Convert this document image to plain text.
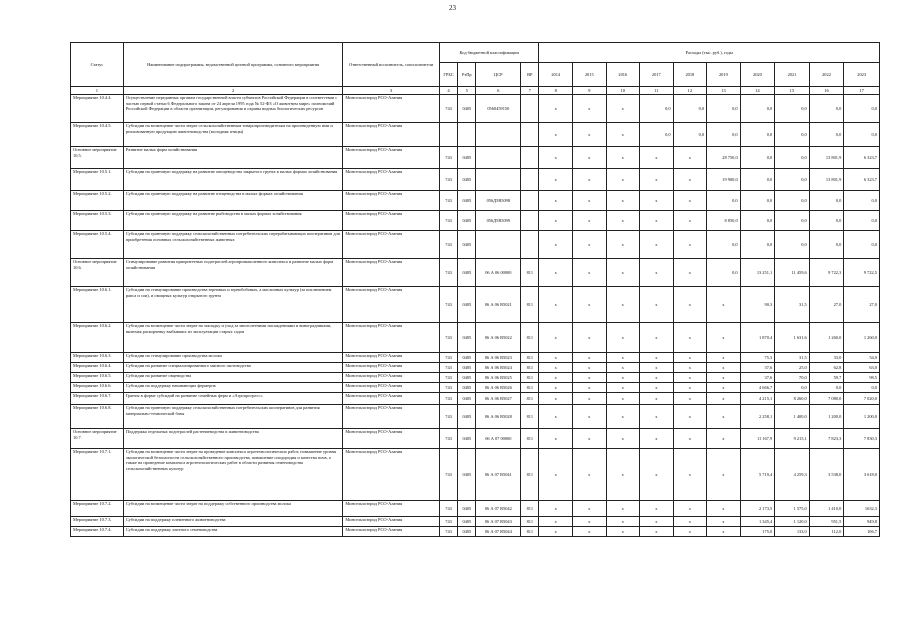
23
Статус	Наименование подпрограммы, ведомственной целевой программы, основного мероприятия	Ответственный исполнитель, соисполнители	Код бюджетной классификации				Расходы (тыс. руб.), годы									
			ГРБС	РзПр	ЦСР	ВР	2014	2015	2016	2017	2018	2019	2020	2021	2022	2023
1	2	3	4	5	6	7	8	9	10	11	12	13	14	15	16	17
Мероприятие 10.4.4.	Осуществление переданных органам государственной власти субъектов Российской Федерации в соответствии с частью первой статьи 6 Федерального закона от 24 апреля 1995 года № 52-ФЗ «О животном мире» полномочий Российской Федерации в области организации, регулирования и охраны водных биологических ресурсов	Минсельхозпрод РСО-Алания	743	0405	0560459150		х	х	х	0,0	0,0	0,0	0,0	0,0	0,0	0,0
Мероприятие 10.4.5.	Субсидии на возмещение части затрат сельскохозяйственным товаропроизводителям на произведенную ими и реализованную продукцию животноводства (молодняк птицы)	Минсельхозпрод РСО-Алания					х	х	х	0,0	0,0	0,0	0,0	0,0	0,0	0,0
Основное мероприятие 10.5.	Развитие малых форм хозяйствования	Минсельхозпрод РСО-Алания	743	0405			х	х	х	х	х	28 750,0	0,0	0,0	13 801,9	6 323,7
Мероприятие 10.5.1.	Субсидии на грантовую поддержку на развитие овощеводства закрытого грунта в малых формах хозяйствования	Минсельхозпрод РСО-Алания	743	0405			х	х	х	х	х	19 900,0	0,0	0,0	13 801,9	6 323,7
Мероприятие 10.5.2.	Субсидии на грантовую поддержку на развитие птицеводства в малых формах хозяйствования	Минсельхозпрод РСО-Алания	743	0405	056Д5R5098		х	х	х	х	х	0,0	0,0	0,0	0,0	0,0
Мероприятие 10.5.3.	Субсидии на грантовую поддержку на развитие рыбоводства в малых формах хозяйствования	Минсельхозпрод РСО-Алания	743	0405	056Д5R5099		х	х	х	х	х	8 850,0	0,0	0,0	0,0	0,0
Мероприятие 10.5.4.	Субсидии на грантовую поддержку сельскохозяйственных потребительских перерабатывающих кооперативов для приобретения основных сельскохозяйственных животных	Минсельхозпрод РСО-Алания	743	0405			х	х	х	х	х	0,0	0,0	0,0	0,0	0,0
Основное мероприятие 10.6.	Стимулирование развития приоритетных подотраслей агропромышленного комплекса и развитие малых форм хозяйствования	Минсельхозпрод РСО-Алания	743	0405	06 А 06 00000	811	х	х	х	х	х	0,0	13 251,1	11 459,6	9 722,3	9 722,5
Мероприятие 10.6.1.	Субсидии на стимулирование производства зерновых и зернобобовых, а масличных культур (за исключением рапса и сои), и овощных культур открытого грунта	Минсельхозпрод РСО-Алания	743	0405	06 А 06 R5021	811	х	х	х	х	х	х	90,3	31,5	27,0	27,0
Мероприятие 10.6.2.	Субсидии на возмещение части затрат на закладку и уход за многолетними насаждениями и виноградниками, включая раскорчевку выбывших из эксплуатации старых садов	Минсельхозпрод РСО-Алания	743	0405	06 А 06 R5022	811	х	х	х	х	х	х	1 870,4	1 631,6	1 260,0	1 260,0
Мероприятие 10.6.3.	Субсидии на стимулирование производства молока	Минсельхозпрод РСО-Алания	743	0405	06 А 06 R5023	811	х	х	х	х	х	х	75,3	31,5	33,0	54,0
Мероприятие 10.6.4.	Субсидии на развитие специализированного мясного скотоводства	Минсельхозпрод РСО-Алания	743	0405	06 А 06 R5024	811	х	х	х	х	х	х	37,6	25,0	62,8	63,0
Мероприятие 10.6.5.	Субсидии на развитие овцеводства	Минсельхозпрод РСО-Алания	743	0405	06 А 06 R5025	811	х	х	х	х	х	х	37,6	70,0	59,7	98,5
Мероприятие 10.6.6.	Субсидии на поддержку начинающих фермеров	Минсельхозпрод РСО-Алания	743	0405	06 А 06 R5026	811	х	х	х	х	х	х	4 666,7	0,0	0,0	0,0
Мероприятие 10.6.7.	Гранты в форме субсидий на развитие семейных ферм и «Агропрогресс»	Минсельхозпрод РСО-Алания	743	0405	06 А 06 R5027	811	х	х	х	х	х	х	4 215,1	8 260,0	7 080,0	7 020,0
Мероприятие 10.6.8.	Субсидии на грантовую поддержку сельскохозяйственных потребительских кооперативов для развития материально-технической базы	Минсельхозпрод РСО-Алания	743	0405	06 А 06 R5028	811	х	х	х	х	х	х	2 258,1	1 400,0	1 200,0	1 200,0
Основное мероприятие 10.7.	Поддержка отдельных подотраслей растениеводства и животноводства	Минсельхозпрод РСО-Алания	743	0405	06 А 07 00000	811	х	х	х	х	х	х	11 167,9	9 215,1	7 823,3	7 830,3
Мероприятие 10.7.1.	Субсидии на возмещение части затрат на проведение комплекса агротехнологических работ, повышение уровня экологической безопасности сельскохозяйственного производства, повышение плодородия и качества почв, а также на проведение комплекса агротехнологических работ в области развития семеноводства сельскохозяйственных культур	Минсельхозпрод РСО-Алания	743	0405	06 А 07 R5041	811	х	х	х	х	х	х	5 719,4	4 259,3	3 538,0	3 618,0
Мероприятие 10.7.2.	Субсидии на возмещение части затрат на поддержку собственного производства молока	Минсельхозпрод РСО-Алания	743	0405	06 А 07 R5042	811	х	х	х	х	х	х	2 173,5	1 575,0	1 410,0	1632,3
Мероприятие 10.7.3.	Субсидии на поддержку племенного животноводства	Минсельхозпрод РСО-Алания	743	0405	06 А 07 R5043	811	х	х	х	х	х	х	1 345,4	1 120,0	951,5	949,8
Мероприятие 10.7.4.	Субсидии на поддержку элитного семеноводства	Минсельхозпрод РСО-Алания	743	0405	06 А 07 R5044	811	х	х	х	х	х	х	175,0	133,0	112,0	106,7
